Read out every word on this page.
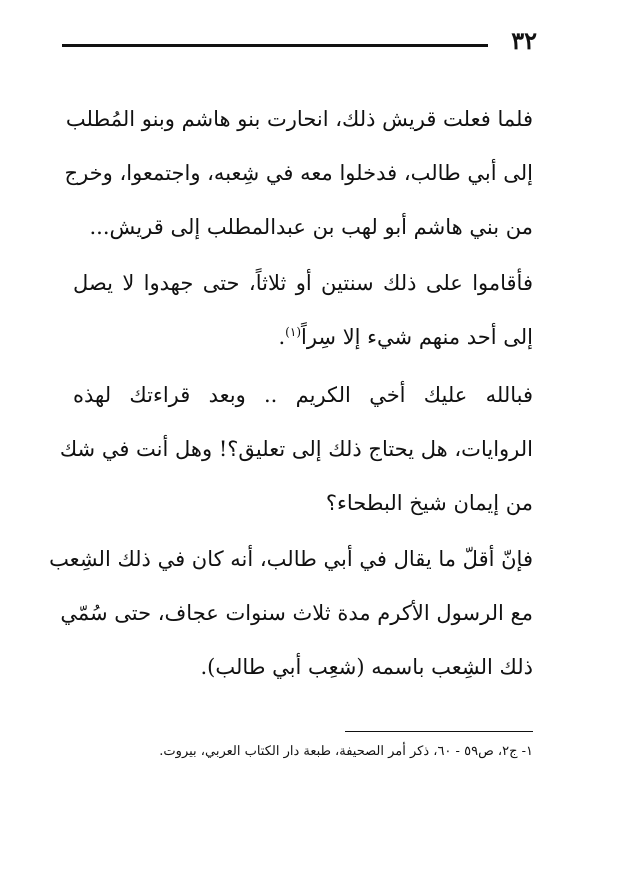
٣٢
فلما فعلت قريش ذلك، انحارت بنو هاشم وبنو المُطلب
إلى أبي طالب، فدخلوا معه في شِعبه، واجتمعوا، وخرج
من بني هاشم أبو لهب بن عبدالمطلب إلى قريش...
فأقاموا على ذلك سنتين أو ثلاثاً، حتى جهدوا لا يصل
إلى أحد منهم شيء إلا سِراً$^{(١)}$.
فبالله عليك أخي الكريم .. وبعد قراءتك لهذه
الروايات، هل يحتاج ذلك إلى تعليق؟! وهل أنت في شك
من إيمان شيخ البطحاء؟
فإنّ أقلّ ما يقال في أبي طالب، أنه كان في ذلك الشِعب
مع الرسول الأكرم مدة ثلاث سنوات عجاف، حتى سُمّي
ذلك الشِعب باسمه (شعِب أبي طالب).
١- ج٢، ص٥٩ - ٦٠، ذكر أمر الصحيفة، طبعة دار الكتاب العربي، بيروت.
